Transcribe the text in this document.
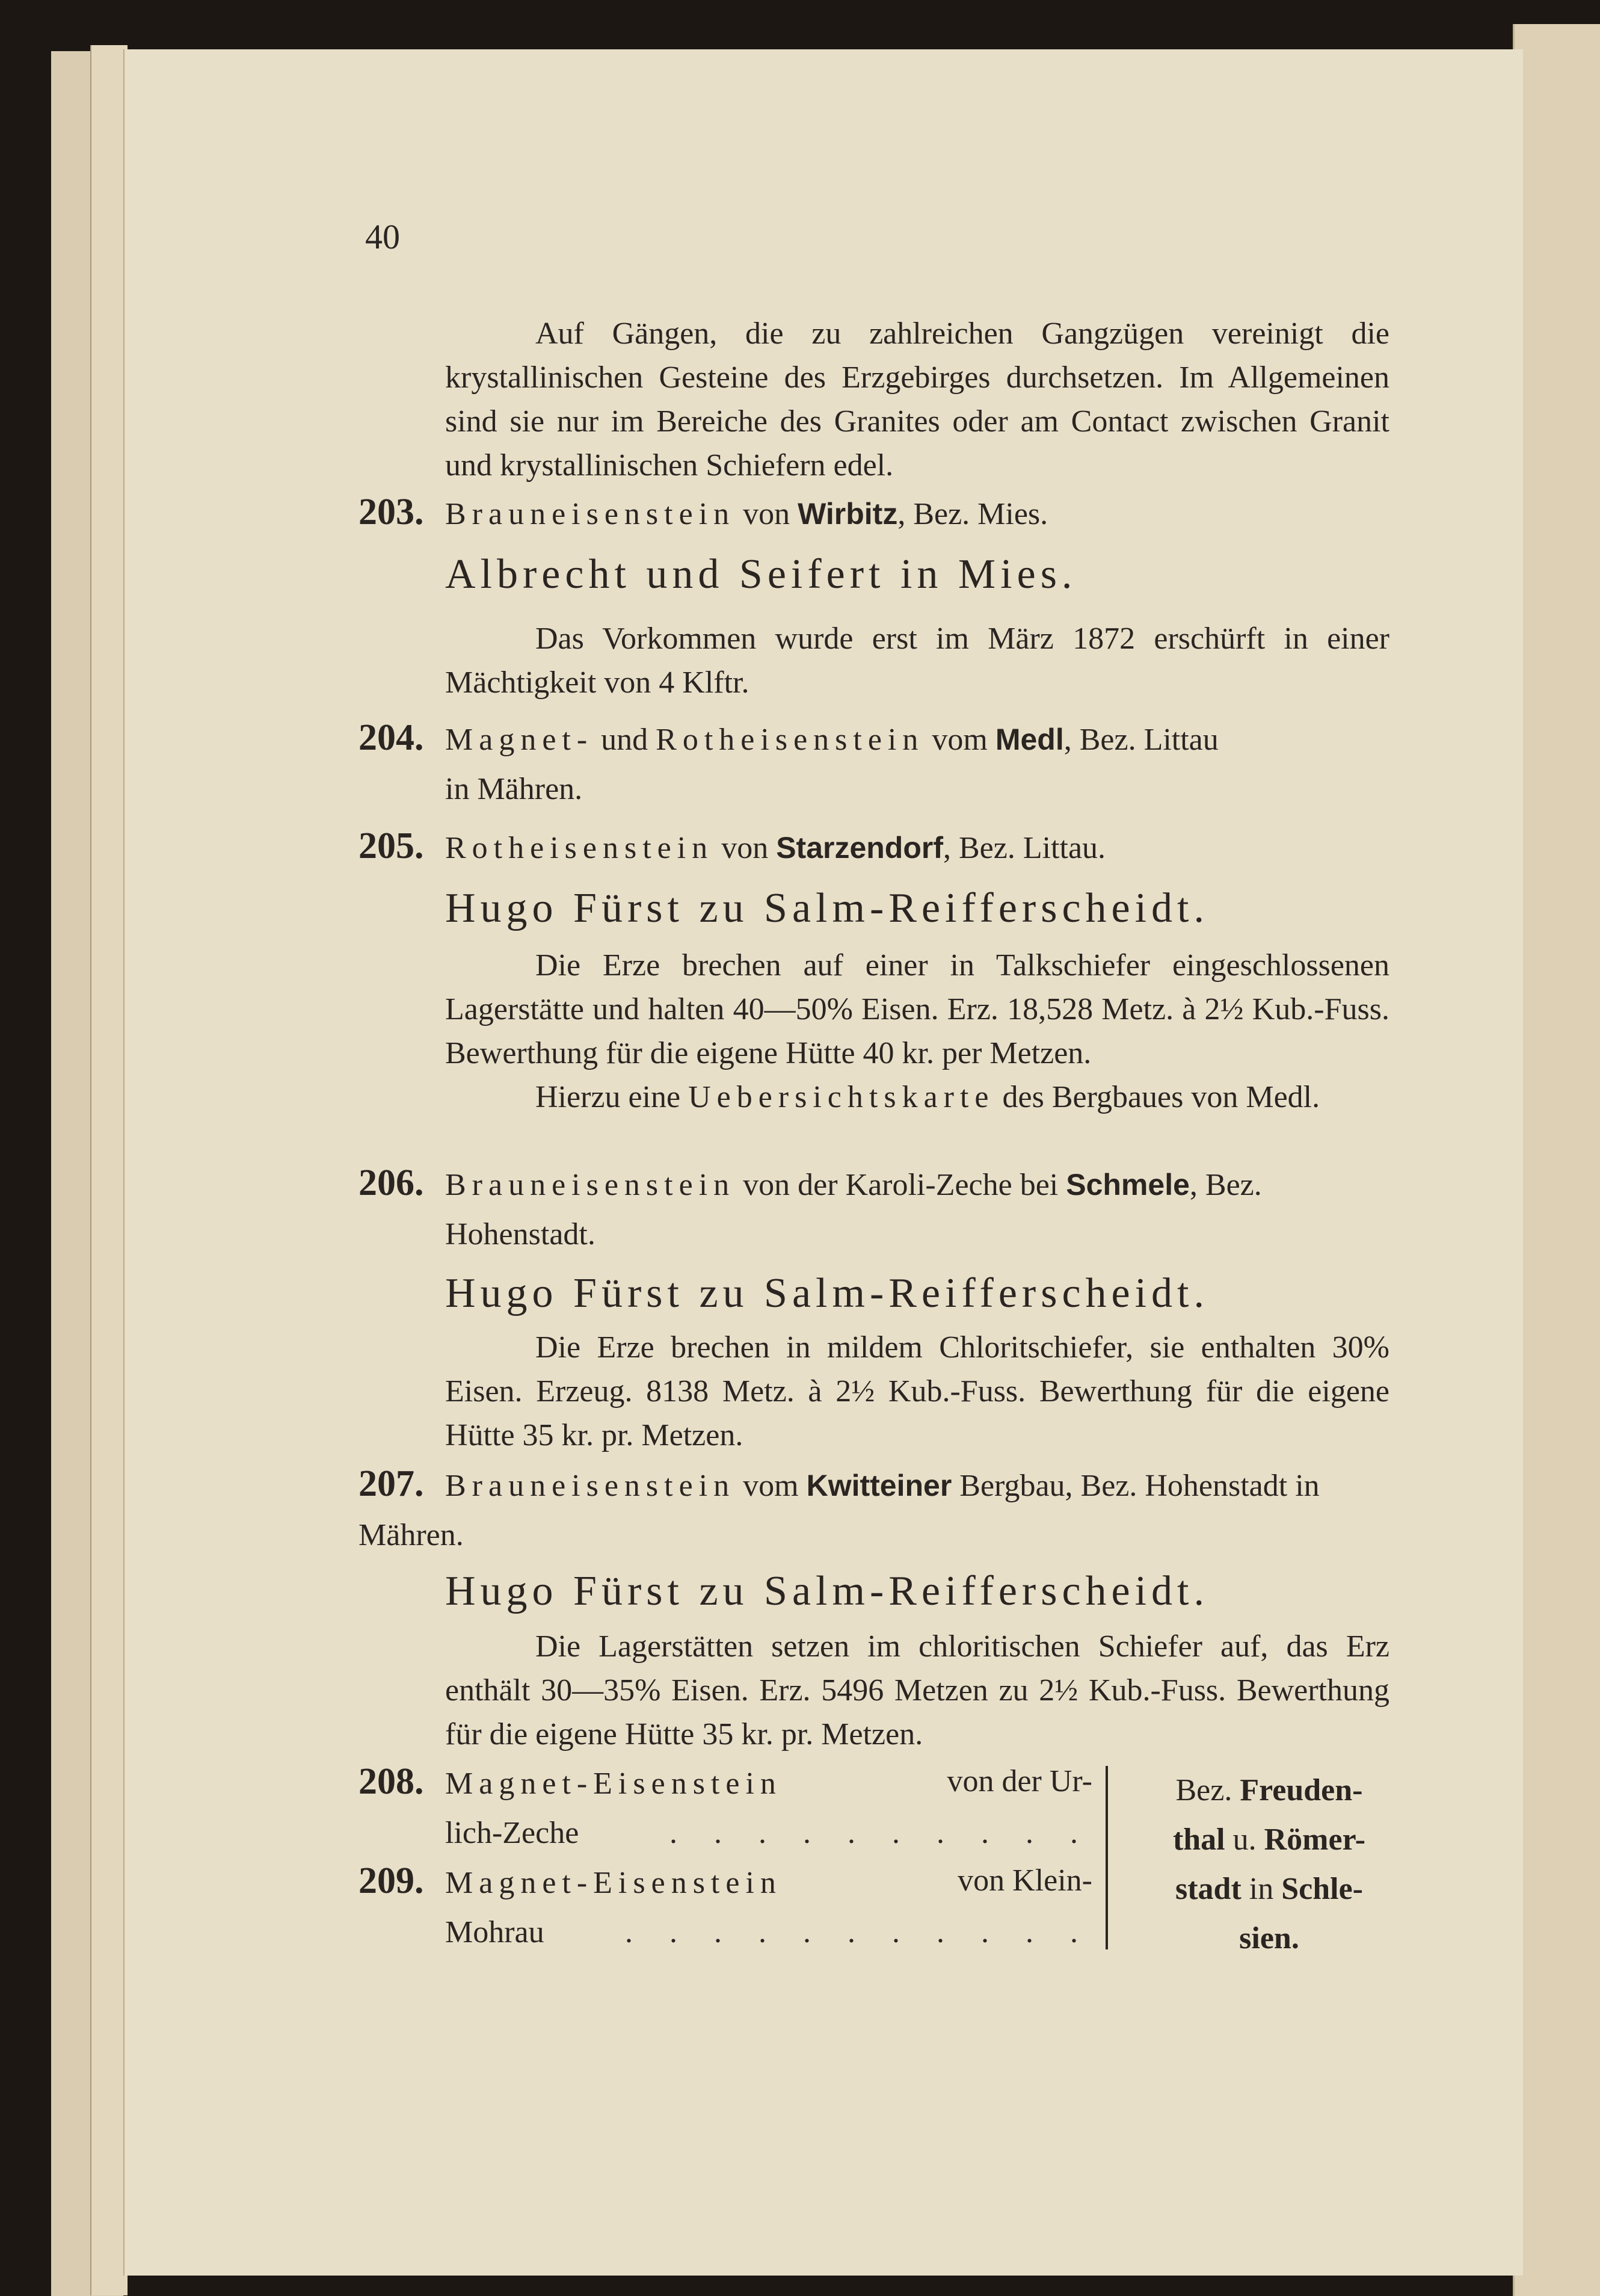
40

Auf Gängen, die zu zahlreichen Gangzügen vereinigt die krystallinischen Gesteine des Erzgebirges durchsetzen. Im Allgemeinen sind sie nur im Bereiche des Granites oder am Contact zwischen Granit und krystallinischen Schiefern edel.

203. Brauneisenstein von Wirbitz, Bez. Mies.
Albrecht und Seifert in Mies.

Das Vorkommen wurde erst im März 1872 erschürft in einer Mächtigkeit von 4 Klftr.

204. Magnet- und Rotheisenstein vom Medl, Bez. Littau
in Mähren.
205. Rotheisenstein von Starzendorf, Bez. Littau.
Hugo Fürst zu Salm-Reifferscheidt.

Die Erze brechen auf einer in Talkschiefer eingeschlossenen Lagerstätte und halten 40—50% Eisen. Erz. 18,528 Metz. à 2½ Kub.-Fuss. Bewerthung für die eigene Hütte 40 kr. per Metzen.

Hierzu eine Uebersichtskarte des Bergbaues von Medl.

206. Brauneisenstein von der Karoli-Zeche bei Schmele, Bez.
Hohenstadt.
Hugo Fürst zu Salm-Reifferscheidt.

Die Erze brechen in mildem Chloritschiefer, sie enthalten 30% Eisen. Erzeug. 8138 Metz. à 2½ Kub.-Fuss. Bewerthung für die eigene Hütte 35 kr. pr. Metzen.

207. Brauneisenstein vom Kwitteiner Bergbau, Bez. Hohenstadt in Mähren.
Hugo Fürst zu Salm-Reifferscheidt.

Die Lagerstätten setzen im chloritischen Schiefer auf, das Erz enthält 30—35% Eisen. Erz. 5496 Metzen zu 2½ Kub.-Fuss. Bewerthung für die eigene Hütte 35 kr. pr. Metzen.

208. Magnet-Eisenstein	von der Ur-
lich-Zeche	. . . . . . . . . .
209. Magnet-Eisenstein	von Klein-
Mohrau	. . . . . . . . . . .
Bez. Freuden-
thal u. Römer-
stadt in Schle-
sien.
